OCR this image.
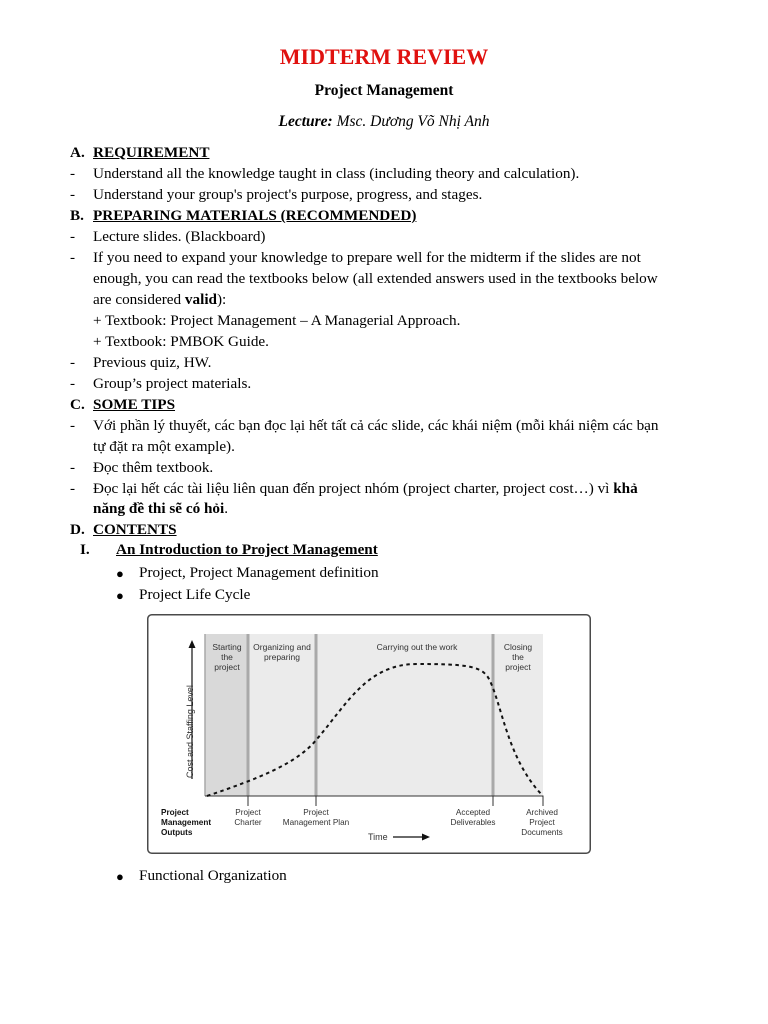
MIDTERM REVIEW
Project Management
Lecture: Msc. Dương Võ Nhị Anh
A. REQUIREMENT
- Understand all the knowledge taught in class (including theory and calculation).
- Understand your group's project's purpose, progress, and stages.
B. PREPARING MATERIALS (RECOMMENDED)
- Lecture slides. (Blackboard)
- If you need to expand your knowledge to prepare well for the midterm if the slides are not
enough, you can read the textbooks below (all extended answers used in the textbooks below
are considered valid):
+ Textbook: Project Management – A Managerial Approach.
+ Textbook: PMBOK Guide.
- Previous quiz, HW.
- Group’s project materials.
C. SOME TIPS
- Với phần lý thuyết, các bạn đọc lại hết tất cả các slide, các khái niệm (mỗi khái niệm các bạn
tự đặt ra một example).
- Đọc thêm textbook.
- Đọc lại hết các tài liệu liên quan đến project nhóm (project charter, project cost…) vì khả
năng đề thi sẽ có hỏi.
D. CONTENTS
I. An Introduction to Project Management
● Project, Project Management definition
● Project Life Cycle
Starting
the
project
Organizing and
preparing
Carrying out the work	Closing
the
project
Cost and Staffing Level
Project
Management
Outputs
Project
Charter
Project
Management Plan
Accepted
Deliverables
Archived
Project
Documents
Time
● Functional Organization
